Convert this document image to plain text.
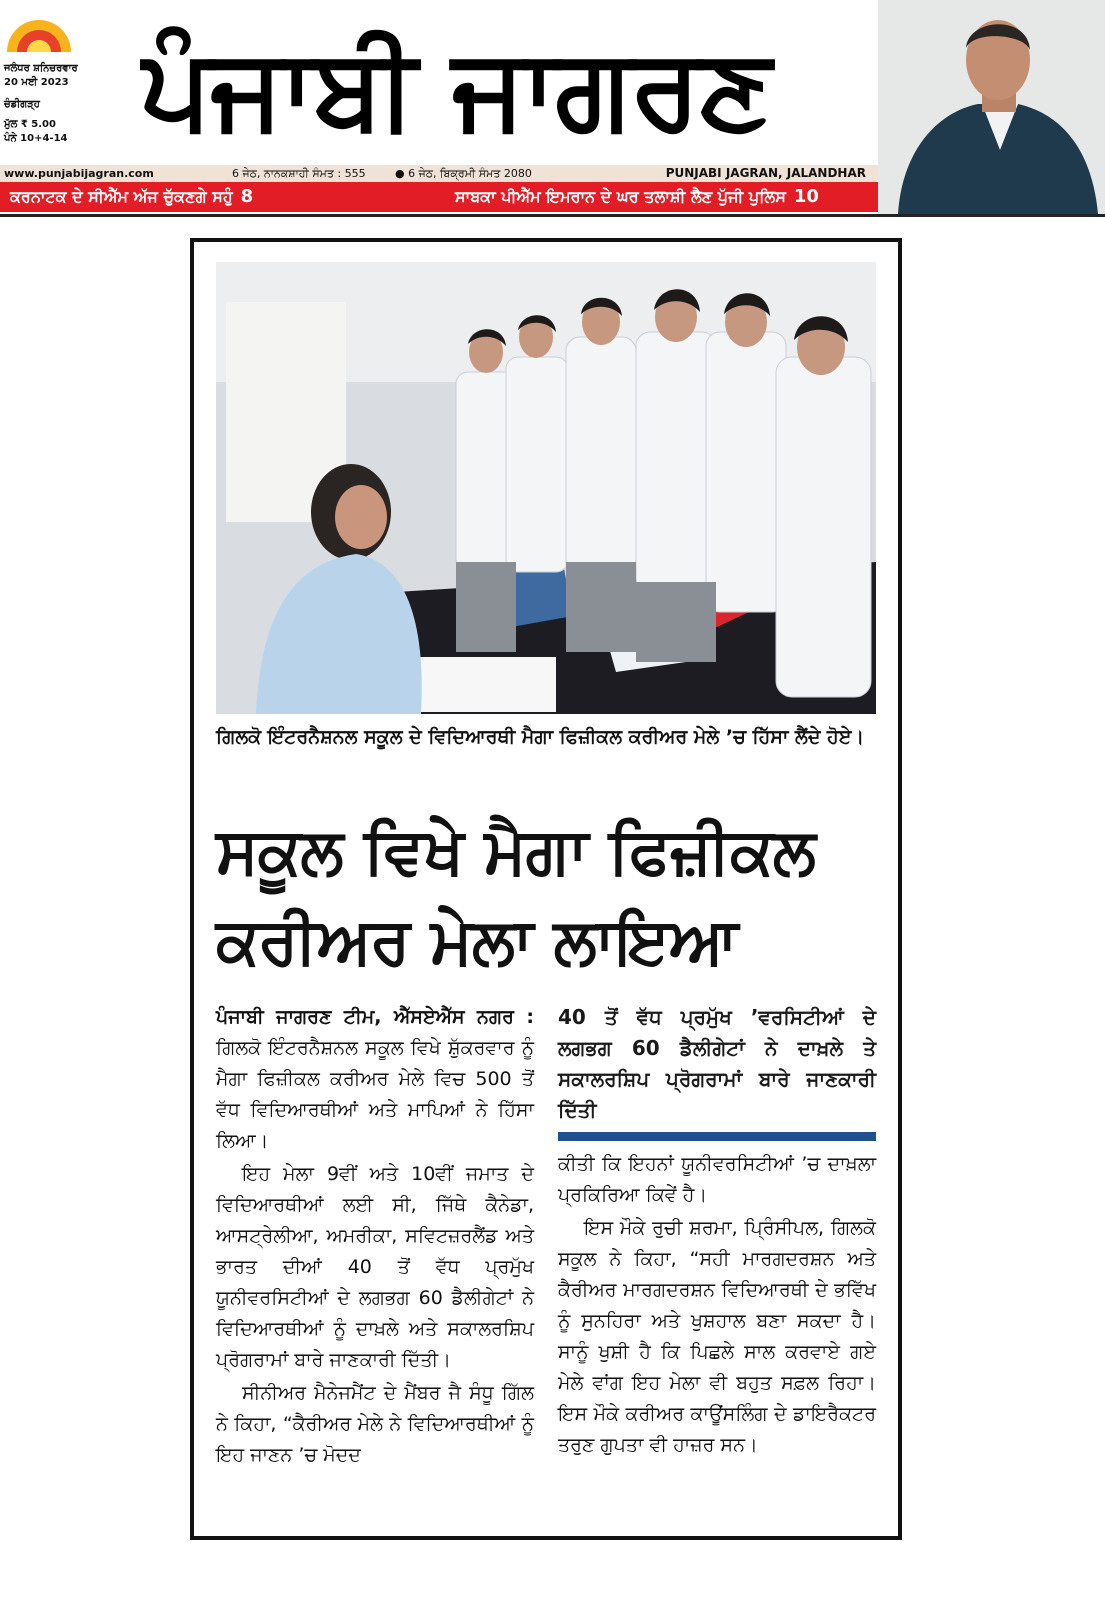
ਜਲੰਧਰ ਸ਼ਨਿਚਰਵਾਰ
20 ਮਈ 2023
ਚੰਡੀਗੜ੍ਹ
ਮੁੱਲ ₹ 5.00
ਪੰਨੇ 10+4-14 ਪੰਜਾਬੀ ਜਾਗਰਣ
www.punjabijagran.com	6 ਜੇਠ, ਨਾਨਕਸ਼ਾਹੀ ਸੰਮਤ : 555	● 6 ਜੇਠ, ਬਿਕ੍ਰਮੀ ਸੰਮਤ 2080	PUNJABI JAGRAN, JALANDHAR
ਕਰਨਾਟਕ ਦੇ ਸੀਐੱਮ ਅੱਜ ਚੁੱਕਣਗੇ ਸਹੁੰ 8	ਸਾਬਕਾ ਪੀਐੱਮ ਇਮਰਾਨ ਦੇ ਘਰ ਤਲਾਸ਼ੀ ਲੈਣ ਪੁੱਜੀ ਪੁਲਿਸ 10
ਗਿਲਕੋ ਇੰਟਰਨੈਸ਼ਨਲ ਸਕੂਲ ਦੇ ਵਿਦਿਆਰਥੀ ਮੈਗਾ ਫਿਜ਼ੀਕਲ ਕਰੀਅਰ ਮੇਲੇ ’ਚ ਹਿੱਸਾ ਲੈਂਦੇ ਹੋਏ।
ਸਕੂਲ ਵਿਖੇ ਮੈਗਾ ਫਿਜ਼ੀਕਲ ਕਰੀਅਰ ਮੇਲਾ ਲਾਇਆ

ਪੰਜਾਬੀ ਜਾਗਰਣ ਟੀਮ, ਐੱਸਏਐੱਸ ਨਗਰ : ਗਿਲਕੋ ਇੰਟਰਨੈਸ਼ਨਲ ਸਕੂਲ ਵਿਖੇ ਸ਼ੁੱਕਰਵਾਰ ਨੂੰ ਮੈਗਾ ਫਿਜ਼ੀਕਲ ਕਰੀਅਰ ਮੇਲੇ ਵਿਚ 500 ਤੋਂ ਵੱਧ ਵਿਦਿਆਰਥੀਆਂ ਅਤੇ ਮਾਪਿਆਂ ਨੇ ਹਿੱਸਾ ਲਿਆ।

ਇਹ ਮੇਲਾ 9ਵੀਂ ਅਤੇ 10ਵੀਂ ਜਮਾਤ ਦੇ ਵਿਦਿਆਰਥੀਆਂ ਲਈ ਸੀ, ਜਿੱਥੇ ਕੈਨੇਡਾ, ਆਸਟ੍ਰੇਲੀਆ, ਅਮਰੀਕਾ, ਸਵਿਟਜ਼ਰਲੈਂਡ ਅਤੇ ਭਾਰਤ ਦੀਆਂ 40 ਤੋਂ ਵੱਧ ਪ੍ਰਮੁੱਖ ਯੂਨੀਵਰਸਿਟੀਆਂ ਦੇ ਲਗਭਗ 60 ਡੈਲੀਗੇਟਾਂ ਨੇ ਵਿਦਿਆਰਥੀਆਂ ਨੂੰ ਦਾਖ਼ਲੇ ਅਤੇ ਸਕਾਲਰਸ਼ਿਪ ਪ੍ਰੋਗਰਾਮਾਂ ਬਾਰੇ ਜਾਣਕਾਰੀ ਦਿੱਤੀ।

ਸੀਨੀਅਰ ਮੈਨੇਜਮੈਂਟ ਦੇ ਮੈਂਬਰ ਜੈ ਸੰਧੂ ਗਿੱਲ ਨੇ ਕਿਹਾ, “ਕੈਰੀਅਰ ਮੇਲੇ ਨੇ ਵਿਦਿਆਰਥੀਆਂ ਨੂੰ ਇਹ ਜਾਣਨ ’ਚ ਮੋਦਦ

40 ਤੋਂ ਵੱਧ ਪ੍ਰਮੁੱਖ ’ਵਰਸਿਟੀਆਂ ਦੇ ਲਗਭਗ 60 ਡੈਲੀਗੇਟਾਂ ਨੇ ਦਾਖ਼ਲੇ ਤੇ ਸਕਾਲਰਸ਼ਿਪ ਪ੍ਰੋਗਰਾਮਾਂ ਬਾਰੇ ਜਾਣਕਾਰੀ ਦਿੱਤੀ

ਕੀਤੀ ਕਿ ਇਹਨਾਂ ਯੂਨੀਵਰਸਿਟੀਆਂ ’ਚ ਦਾਖ਼ਲਾ ਪ੍ਰਕਿਰਿਆ ਕਿਵੇਂ ਹੈ।

ਇਸ ਮੌਕੇ ਰੁਚੀ ਸ਼ਰਮਾ, ਪ੍ਰਿੰਸੀਪਲ, ਗਿਲਕੋ ਸਕੂਲ ਨੇ ਕਿਹਾ, “ਸਹੀ ਮਾਰਗਦਰਸ਼ਨ ਅਤੇ ਕੈਰੀਅਰ ਮਾਰਗਦਰਸ਼ਨ ਵਿਦਿਆਰਥੀ ਦੇ ਭਵਿੱਖ ਨੂੰ ਸੁਨਹਿਰਾ ਅਤੇ ਖੁਸ਼ਹਾਲ ਬਣਾ ਸਕਦਾ ਹੈ। ਸਾਨੂੰ ਖੁਸ਼ੀ ਹੈ ਕਿ ਪਿਛਲੇ ਸਾਲ ਕਰਵਾਏ ਗਏ ਮੇਲੇ ਵਾਂਗ ਇਹ ਮੇਲਾ ਵੀ ਬਹੁਤ ਸਫ਼ਲ ਰਿਹਾ। ਇਸ ਮੌਕੇ ਕਰੀਅਰ ਕਾਊਂਸਲਿੰਗ ਦੇ ਡਾਇਰੈਕਟਰ ਤਰੁਣ ਗੁਪਤਾ ਵੀ ਹਾਜ਼ਰ ਸਨ।
